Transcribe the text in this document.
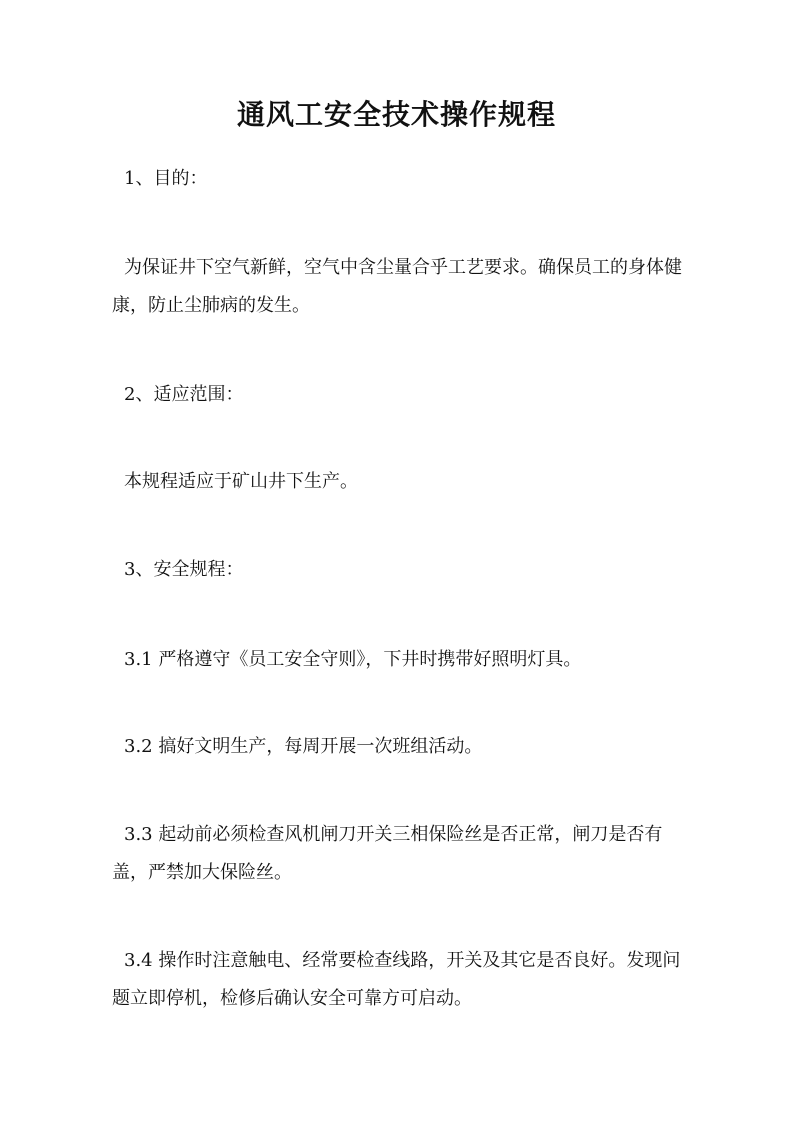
通风工安全技术操作规程

1、目的：

为保证井下空气新鲜，空气中含尘量合乎工艺要求。确保员工的身体健康，防止尘肺病的发生。

2、适应范围：

本规程适应于矿山井下生产。

3、安全规程：

3.1 严格遵守《员工安全守则》，下井时携带好照明灯具。

3.2 搞好文明生产，每周开展一次班组活动。

3.3 起动前必须检查风机闸刀开关三相保险丝是否正常，闸刀是否有盖，严禁加大保险丝。

3.4 操作时注意触电、经常要检查线路，开关及其它是否良好。发现问题立即停机，检修后确认安全可靠方可启动。
